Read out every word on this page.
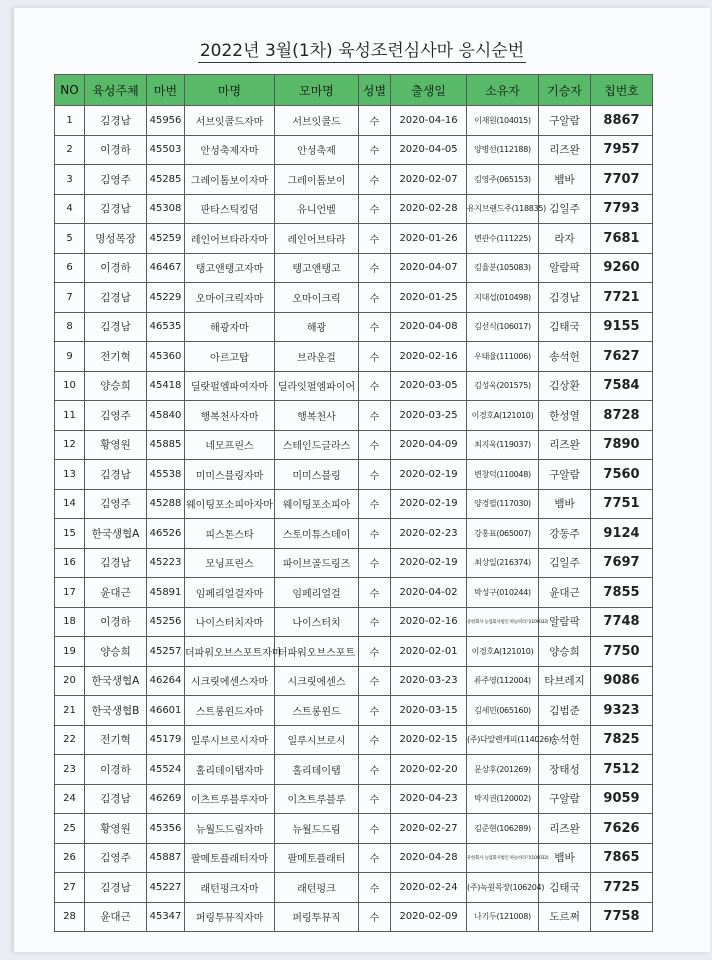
2022년 3월(1차) 육성조련심사마 응시순번
NO	육성주체	마번	마명	모마명	성별	출생일	소유자	기승자	칩번호
1	김경남	45956	서브잇콜드자마	서브잇콜드	수	2020-04-16	이재원(104015)	구알람	8867
2	이경하	45503	안성축제자마	안성축제	수	2020-04-05	양병선(112188)	리즈완	7957
3	김영주	45285	그레이톰보이자마	그레이톰보이	수	2020-02-07	김영주(065153)	뱀바	7707
4	김경남	45308	판타스틱킹덤	유니언벨	수	2020-02-28	유지브랜드주(118835)	김일주	7793
5	명성목장	45259	레인어브타라자마	레인어브타라	수	2020-01-26	변관수(111225)	라자	7681
6	이경하	46467	탱고앤탱고자마	탱고앤탱고	수	2020-04-07	김율분(105083)	알람팍	9260
7	김경남	45229	오마이크릭자마	오마이크릭	수	2020-01-25	지대섭(010498)	김경남	7721
8	김경남	46535	해광자마	해광	수	2020-04-08	김선식(106017)	김태국	9155
9	전기혁	45360	아르고탑	브라운걸	수	2020-02-16	우태율(111006)	송석헌	7627
10	양승희	45418	딜랏펄엠파여자마	딜라잇펄엠파이어	수	2020-03-05	김성욱(201575)	김상환	7584
11	김영주	45840	행복천사자마	행복천사	수	2020-03-25	이경호A(121010)	한성열	8728
12	황영원	45885	네모프린스	스테인드글라스	수	2020-04-09	최지욱(119037)	리즈완	7890
13	김경남	45538	미미스블링자마	미미스블링	수	2020-02-19	변창덕(110048)	구알람	7560
14	김영주	45288	웨이팅포소피아자마	웨이팅포소피아	수	2020-02-19	양경필(117030)	뱀바	7751
15	한국생협A	46526	피스톤스타	스토미튜스데이	수	2020-02-23	강홍표(065007)	강동주	9124
16	김경남	45223	모닝프린스	파이브골드링즈	수	2020-02-19	최상일(216374)	김일주	7697
17	윤대근	45891	임페리얼걸자마	임페리얼걸	수	2020-04-02	박성구(010244)	윤대근	7855
18	이경하	45256	나이스터치자마	나이스터치	수	2020-02-16	유한회사 농업회사법인 하늘바라기(109032)	알람팍	7748
19	양승희	45257	더파워오브스포트자마	더파워오브스포트	수	2020-02-01	이경호A(121010)	양승희	7750
20	한국생협A	46264	시크릿에센스자마	시크릿에센스	수	2020-03-23	류주영(112004)	타브레지	9086
21	한국생협B	46601	스트롱윈드자마	스트롱윈드	수	2020-03-15	김세민(065160)	김범준	9323
22	전기혁	45179	일루시브로시자마	일루시브로시	수	2020-02-15	(주)다알렌캐피(114026)	송석헌	7825
23	이경하	45524	홀리데이탭자마	홀리데이탭	수	2020-02-20	문상후(201269)	장태성	7512
24	김경남	46269	이츠트루블루자마	이츠트루블루	수	2020-04-23	박지권(120002)	구알람	9059
25	황영원	45356	뉴월드드림자마	뉴월드드림	수	2020-02-27	김준현(106289)	리즈완	7626
26	김영주	45887	팔메토플래터자마	팔메토플래터	수	2020-04-28	유한회사 농업회사법인 하늘바라기(109032)	뱀바	7865
27	김경남	45227	래턴펑크자마	래턴펑크	수	2020-02-24	(주)녹원목장(106204)	김태국	7725
28	윤대근	45347	퍼링투뮤직자마	퍼링투뮤직	수	2020-02-09	나기두(121008)	도르쩌	7758
